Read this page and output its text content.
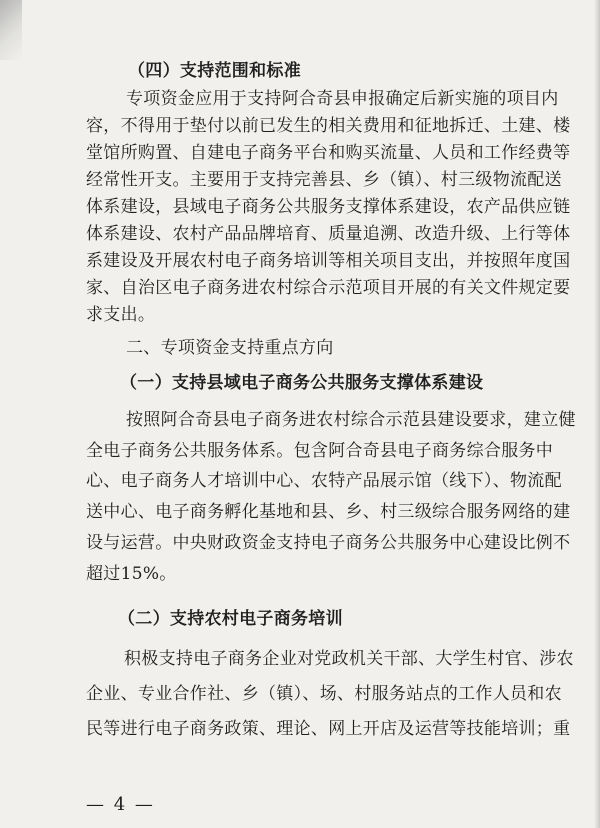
（四）支持范围和标准
专项资金应用于支持阿合奇县申报确定后新实施的项目内
容，不得用于垫付以前已发生的相关费用和征地拆迁、土建、楼
堂馆所购置、自建电子商务平台和购买流量、人员和工作经费等
经常性开支。主要用于支持完善县、乡（镇）、村三级物流配送
体系建设，县域电子商务公共服务支撑体系建设，农产品供应链
体系建设、农村产品品牌培育、质量追溯、改造升级、上行等体
系建设及开展农村电子商务培训等相关项目支出，并按照年度国
家、自治区电子商务进农村综合示范项目开展的有关文件规定要
求支出。
二、专项资金支持重点方向
（一）支持县域电子商务公共服务支撑体系建设
按照阿合奇县电子商务进农村综合示范县建设要求，建立健
全电子商务公共服务体系。包含阿合奇县电子商务综合服务中
心、电子商务人才培训中心、农特产品展示馆（线下）、物流配
送中心、电子商务孵化基地和县、乡、村三级综合服务网络的建
设与运营。中央财政资金支持电子商务公共服务中心建设比例不
超过15%。
（二）支持农村电子商务培训
积极支持电子商务企业对党政机关干部、大学生村官、涉农
企业、专业合作社、乡（镇）、场、村服务站点的工作人员和农
民等进行电子商务政策、理论、网上开店及运营等技能培训；重
— 4 —
